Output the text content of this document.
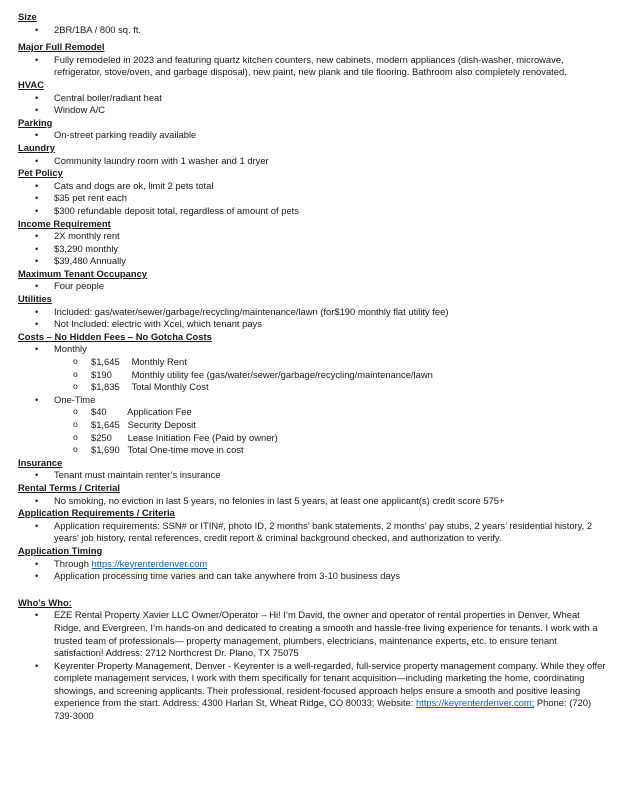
Size

• 2BR/1BA / 800 sq. ft.

Major Full Remodel

• Fully remodeled in 2023 and featuring quartz kitchen counters, new cabinets, modern appliances (dish-washer, microwave, refrigerator, stove/oven, and garbage disposal), new paint, new plank and tile flooring. Bathroom also completely renovated.

HVAC

• Central boiler/radiant heat
• Window A/C

Parking

• On-street parking readily available

Laundry

• Community laundry room with 1 washer and 1 dryer

Pet Policy

• Cats and dogs are ok, limit 2 pets total
• $35 pet rent each
• $300 refundable deposit total, regardless of amount of pets

Income Requirement

• 2X monthly rent
• $3,290 monthly
• $39,480 Annually

Maximum Tenant Occupancy

• Four people

Utilities

• Included: gas/water/sewer/garbage/recycling/maintenance/lawn (for$190 monthly flat utility fee)
• Not Included: electric with Xcel, which tenant pays

Costs – No Hidden Fees – No Gotcha Costs

• Monthly
o $1,645 Monthly Rent
o $190 Monthly utility fee (gas/water/sewer/garbage/recycling/maintenance/lawn
o $1,835 Total Monthly Cost
• One-Time
o $40 Application Fee
o $1,645 Security Deposit
o $250 Lease Initiation Fee (Paid by owner)
o $1,690 Total One-time move in cost

Insurance

• Tenant must maintain renter’s insurance

Rental Terms / Criterial

• No smoking, no eviction in last 5 years, no felonies in last 5 years, at least one applicant(s) credit score 575+

Application Requirements / Criteria

• Application requirements: SSN# or ITIN#, photo ID, 2 months’ bank statements, 2 months’ pay stubs, 2 years’ residential history, 2 years’ job history, rental references, credit report & criminal background checked, and authorization to verify.

Application Timing

• Through https://keyrenterdenver.com
• Application processing time varies and can take anywhere from 3-10 business days

Who’s Who:

• EZE Rental Property Xavier LLC Owner/Operator – Hi! I’m David, the owner and operator of rental properties in Denver, Wheat Ridge, and Evergreen. I’m hands-on and dedicated to creating a smooth and hassle-free living experience for tenants. I work with a trusted team of professionals— property management, plumbers, electricians, maintenance experts, etc. to ensure tenant satisfaction! Address: 2712 Northcrest Dr. Plano, TX 75075
• Keyrenter Property Management, Denver - Keyrenter is a well-regarded, full-service property management company. While they offer complete management services, I work with them specifically for tenant acquisition—including marketing the home, coordinating showings, and screening applicants. Their professional, resident-focused approach helps ensure a smooth and positive leasing experience from the start. Address: 4300 Harlan St, Wheat Ridge, CO 80033; Website: https://keyrenterdenver.com; Phone: (720) 739-3000
